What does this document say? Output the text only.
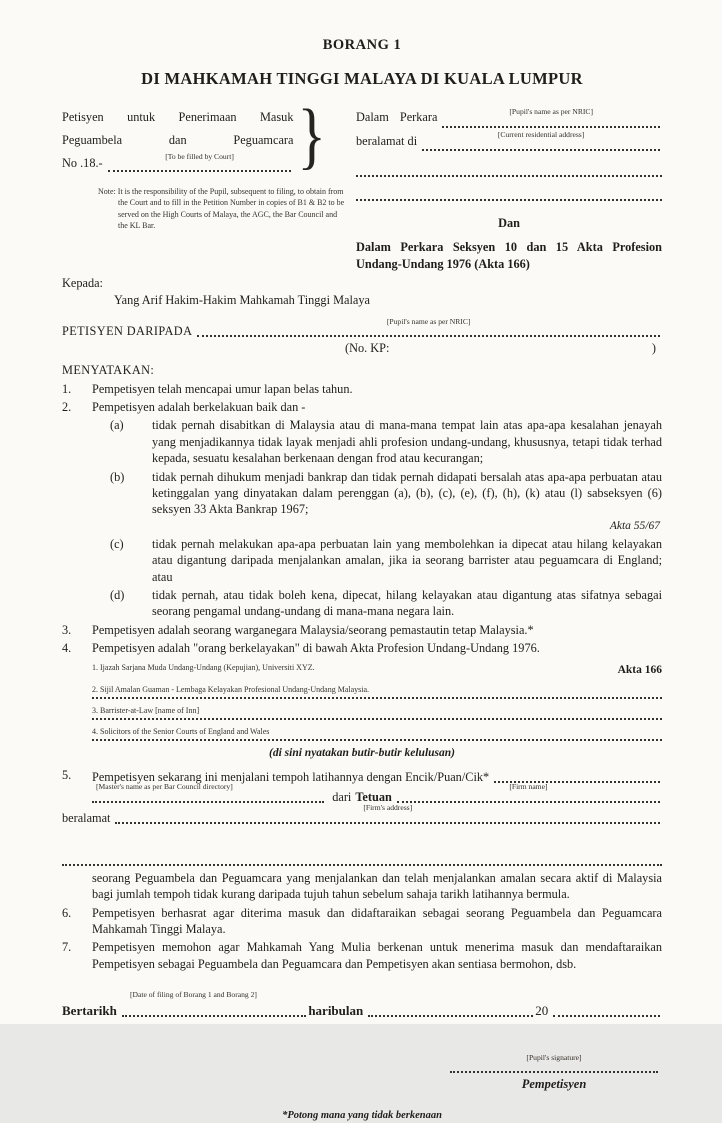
BORANG 1
DI MAHKAMAH TINGGI MALAYA DI KUALA LUMPUR
Petisyen untuk Penerimaan Masuk
Peguambela dan Peguamcara
No .18.-	[To be filled by Court] } Dalam Perkara	[Pupil's name as per NRIC]
beralamat di	[Current residential address]
Dan
Dalam Perkara Seksyen 10 dan 15 Akta Profesion Undang-Undang 1976 (Akta 166)
Note: It is the responsibility of the Pupil, subsequent to filing, to obtain from the Court and to fill in the Petition Number in copies of B1 & B2 to be served on the High Courts of Malaya, the AGC, the Bar Council and the KL Bar.
Kepada:
Yang Arif Hakim-Hakim Mahkamah Tinggi Malaya
PETISYEN DARIPADA
[Pupil's name as per NRIC]
(No. KP:	)
MENYATAKAN:
1.	Pempetisyen telah mencapai umur lapan belas tahun.
2.	Pempetisyen adalah berkelakuan baik dan -
(a)	tidak pernah disabitkan di Malaysia atau di mana-mana tempat lain atas apa-apa kesalahan jenayah yang menjadikannya tidak layak menjadi ahli profesion undang-undang, khususnya, tetapi tidak terhad kepada, sesuatu kesalahan berkenaan dengan frod atau kecurangan;
(b)	tidak pernah dihukum menjadi bankrap dan tidak pernah didapati bersalah atas apa-apa perbuatan atau ketinggalan yang dinyatakan dalam perenggan (a), (b), (c), (e), (f), (h), (k) atau (l) sabseksyen (6) seksyen 33 Akta Bankrap 1967;
Akta 55/67
(c)	tidak pernah melakukan apa-apa perbuatan lain yang membolehkan ia dipecat atau hilang kelayakan atau digantung daripada menjalankan amalan, jika ia seorang barrister atau peguamcara di England; atau
(d)	tidak pernah, atau tidak boleh kena, dipecat, hilang kelayakan atau digantung atas sifatnya sebagai seorang pengamal undang-undang di mana-mana negara lain.
3.	Pempetisyen adalah seorang warganegara Malaysia/seorang pemastautin tetap Malaysia.*
4.	Pempetisyen adalah "orang berkelayakan" di bawah Akta Profesion Undang-Undang 1976.
1. Ijazah Sarjana Muda Undang-Undang (Kepujian), Universiti XYZ.	Akta 166
2. Sijil Amalan Guaman - Lembaga Kelayakan Profesional Undang-Undang Malaysia.
3. Barrister-at-Law [name of Inn]
4. Solicitors of the Senior Courts of England and Wales
(di sini nyatakan butir-butir kelulusan)
5.	Pempetisyen sekarang ini menjalani tempoh latihannya dengan Encik/Puan/Cik*
[Master's name as per Bar Council directory]
dari Tetuan
[Firm name]
beralamat
[Firm's address]
seorang Peguambela dan Peguamcara yang menjalankan dan telah menjalankan amalan secara aktif di Malaysia bagi jumlah tempoh tidak kurang daripada tujuh tahun sebelum sahaja tarikh latihannya bermula.
6.	Pempetisyen berhasrat agar diterima masuk dan didaftaraikan sebagai seorang Peguambela dan Peguamcara Mahkamah Tinggi Malaya.
7.	Pempetisyen memohon agar Mahkamah Yang Mulia berkenan untuk menerima masuk dan mendaftaraikan Pempetisyen sebagai Peguambela dan Peguamcara dan Pempetisyen akan sentiasa bermohon, dsb.
[Date of filing of Borang 1 and Borang 2]
Bertarikh	haribulan	20
[Pupil's signature]
Pempetisyen
*Potong mana yang tidak berkenaan
